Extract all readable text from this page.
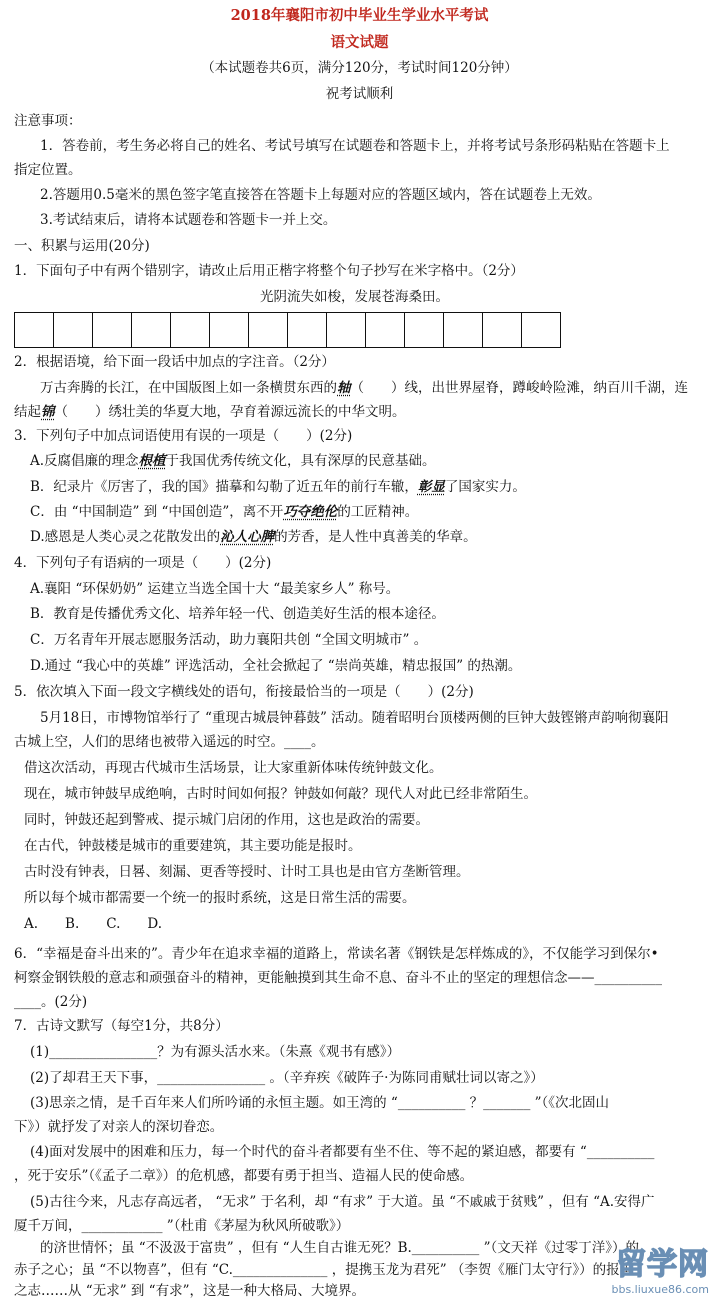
2018年襄阳市初中毕业生学业水平考试
语文试题
（本试题卷共6页，满分120分，考试时间120分钟）
祝考试顺利
注意事项：
1．答卷前，考生务必将自己的姓名、考试号填写在试题卷和答题卡上，并将考试号条形码粘贴在答题卡上
指定位置。
2.答题用0.5毫米的黑色签字笔直接答在答题卡上每题对应的答题区域内，答在试题卷上无效。
3.考试结束后，请将本试题卷和答题卡一并上交。
一、积累与运用(20分)
1．下面句子中有两个错别字，请改止后用正楷字将整个句子抄写在米字格中。（2分）
光阴流失如梭，发展苍海桑田。
2．根据语境，给下面一段话中加点的字注音。（2分）
万古奔腾的长江，在中国版图上如一条横贯东西的轴（　　）线，出世界屋脊，蹲峻岭险滩，纳百川千湖，连
结起锦（　　）绣壮美的华夏大地，孕育着源远流长的中华文明。
3．下列句子中加点词语使用有误的一项是（　　）(2分)
A.反腐倡廉的理念根植于我国优秀传统文化，具有深厚的民意基础。
B．纪录片《厉害了，我的国》描摹和勾勒了近五年的前行车辙，彰显了国家实力。
C．由 “中国制造” 到 “中国创造”，离不开巧夺绝伦的工匠精神。
D.感恩是人类心灵之花散发出的沁人心脾的芳香，是人性中真善美的华章。
4．下列句子有语病的一项是（　　）(2分)
A.襄阳 “环保奶奶” 运建立当选全国十大 “最美家乡人” 称号。
B．教育是传播优秀文化、培养年轻一代、创造美好生活的根本途径。
C．万名青年开展志愿服务活动，助力襄阳共创 “全国文明城市” 。
D.通过 “我心中的英雄” 评选活动，全社会掀起了 “崇尚英雄，精忠报国” 的热潮。
5．依次填入下面一段文字横线处的语句，衔接最恰当的一项是（　　）(2分)
5月18日，市博物馆举行了 “重现古城晨钟暮鼓” 活动。随着昭明台顶楼两侧的巨钟大鼓铿锵声韵响彻襄阳
古城上空，人们的思绪也被带入遥远的时空。____。
借这次活动，再现古代城市生活场景，让大家重新体味传统钟鼓文化。
现在，城市钟鼓早成绝响，古时时间如何报？钟鼓如何敲？现代人对此已经非常陌生。
同时，钟鼓还起到警戒、提示城门启闭的作用，这也是政治的需要。
在古代，钟鼓楼是城市的重要建筑，其主要功能是报时。
古时没有钟表，日晷、刻漏、更香等授时、计时工具也是由官方垄断管理。
所以每个城市都需要一个统一的报时系统，这是日常生活的需要。
A.　　B.　　C.　　D.
6．“幸福是奋斗出来的”。青少年在追求幸福的道路上，常读名著《钢铁是怎样炼成的》，不仅能学习到保尔•
柯察金钢铁般的意志和顽强奋斗的精神，更能触摸到其生命不息、奋斗不止的坚定的理想信念——__________
____。(2分)
7．古诗文默写（每空1分，共8分）
(1)________________？为有源头活水来。（朱熹《观书有感》）
(2)了却君王天下事，________________ 。（辛弃疾《破阵子·为陈同甫赋壮词以寄之》）
(3)思亲之情，是千百年来人们所吟诵的永恒主题。如王湾的 “__________ ？_______ ”（《次北固山
下》）就抒发了对亲人的深切眷恋。
(4)面对发展中的困难和压力，每一个时代的奋斗者都要有坐不住、等不起的紧迫感，都要有 “__________
，死于安乐”（《孟子二章》）的危机感，都要有勇于担当、造福人民的使命感。
(5)古往今来，凡志存高远者， “无求” 于名利，却 “有求” 于大道。虽 “不戚戚于贫贱” ，但有 “A.安得广
厦千万间，____________ ”（杜甫《茅屋为秋风所破歌》）
的济世情怀；虽 “不汲汲于富贵” ，但有 “人生自古谁无死？B.__________ ”（文天祥《过零丁洋》）的
赤子之心；虽 “不以物喜”，但有 “C.______________ ，提携玉龙为君死” （李贺《雁门太守行》）的报国
之志……从 “无求” 到 “有求”，这是一种大格局、大境界。
留学网
bbs.liuxue86.com
